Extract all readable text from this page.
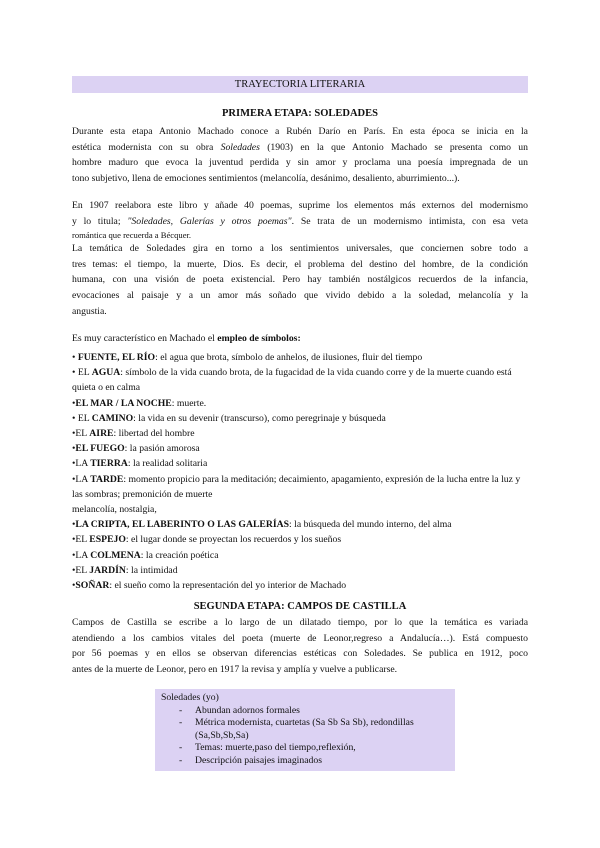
TRAYECTORIA LITERARIA
PRIMERA ETAPA: SOLEDADES
Durante esta etapa Antonio Machado conoce a Rubén Darío en París. En esta época se inicia en la
estética modernista con su obra Soledades (1903) en la que Antonio Machado se presenta como un
hombre maduro que evoca la juventud perdida y sin amor y proclama una poesía impregnada de un
tono subjetivo, llena de emociones sentimientos (melancolía, desánimo, desaliento, aburrimiento...).
En 1907 reelabora este libro y añade 40 poemas, suprime los elementos más externos del modernismo
y lo titula; "Soledades, Galerías y otros poemas". Se trata de un modernismo intimista, con esa veta
romántica que recuerda a Bécquer.
La temática de Soledades gira en torno a los sentimientos universales, que conciernen sobre todo a
tres temas: el tiempo, la muerte, Dios. Es decir, el problema del destino del hombre, de la condición
humana, con una visión de poeta existencial. Pero hay también nostálgicos recuerdos de la infancia,
evocaciones al paisaje y a un amor más soñado que vivido debido a la soledad, melancolía y la
angustia.
Es muy característico en Machado el empleo de símbolos:
• FUENTE, EL RÍO: el agua que brota, símbolo de anhelos, de ilusiones, fluir del tiempo
• EL AGUA: símbolo de la vida cuando brota, de la fugacidad de la vida cuando corre y de la muerte cuando está quieta o en calma
•EL MAR / LA NOCHE: muerte.
• EL CAMINO: la vida en su devenir (transcurso), como peregrinaje y búsqueda
•EL AIRE: libertad del hombre
•EL FUEGO: la pasión amorosa
•LA TIERRA: la realidad solitaria
•LA TARDE: momento propicio para la meditación; decaimiento, apagamiento, expresión de la lucha entre la luz y las sombras; premonición de muerte
melancolía, nostalgia,
•LA CRIPTA, EL LABERINTO O LAS GALERÍAS: la búsqueda del mundo interno, del alma
•EL ESPEJO: el lugar donde se proyectan los recuerdos y los sueños
•LA COLMENA: la creación poética
•EL JARDÍN: la intimidad
•SOÑAR: el sueño como la representación del yo interior de Machado
SEGUNDA ETAPA: CAMPOS DE CASTILLA
Campos de Castilla se escribe a lo largo de un dilatado tiempo, por lo que la temática es variada
atendiendo a los cambios vitales del poeta (muerte de Leonor,regreso a Andalucía…). Está compuesto
por 56 poemas y en ellos se observan diferencias estéticas con Soledades. Se publica en 1912, poco
antes de la muerte de Leonor, pero en 1917 la revisa y amplía y vuelve a publicarse.
Soledades (yo)
- Abundan adornos formales
- Métrica modernista, cuartetas (Sa Sb Sa Sb), redondillas (Sa,Sb,Sb,Sa)
- Temas: muerte,paso del tiempo,reflexión,
- Descripción paisajes imaginados
